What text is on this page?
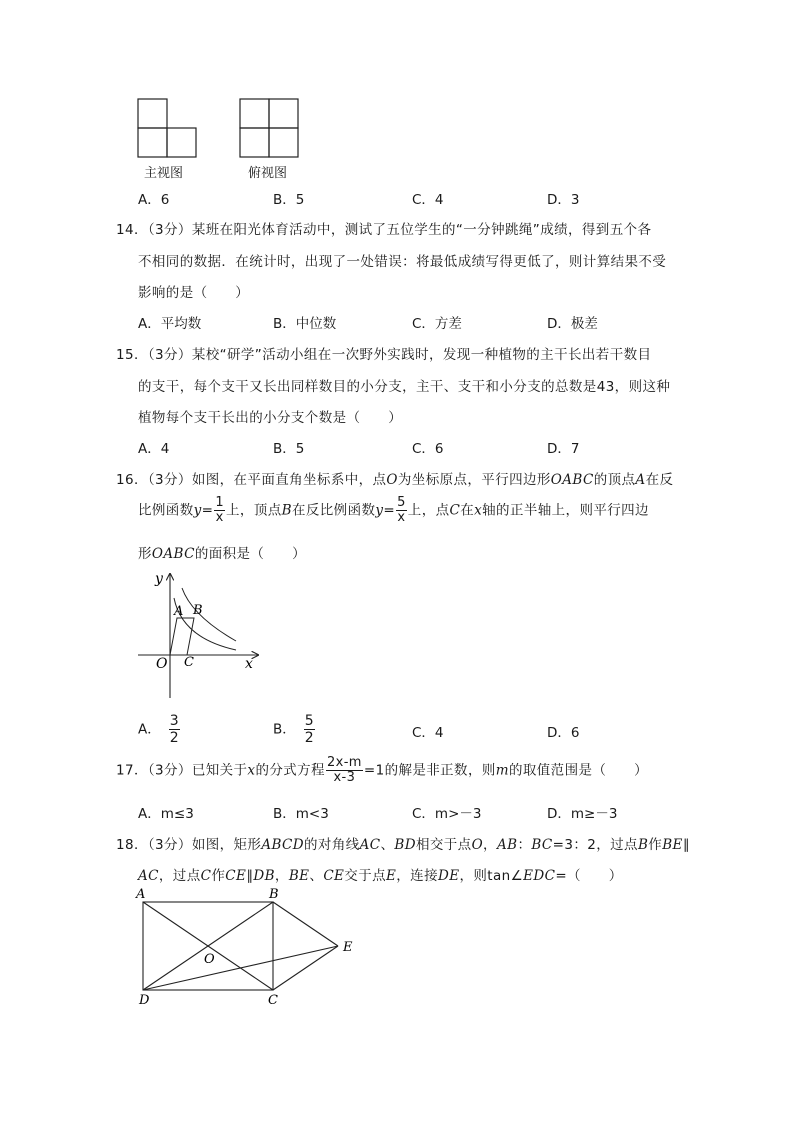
主视图	俯视图
A．6	B．5	C．4	D．3
14．（3分）某班在阳光体育活动中，测试了五位学生的“一分钟跳绳”成绩，得到五个各
不相同的数据．在统计时，出现了一处错误：将最低成绩写得更低了，则计算结果不受
影响的是（　　）
A．平均数	B．中位数	C．方差	D．极差
15．（3分）某校“研学”活动小组在一次野外实践时，发现一种植物的主干长出若干数目
的支干，每个支干又长出同样数目的小分支，主干、支干和小分支的总数是43，则这种
植物每个支干长出的小分支个数是（　　）
A．4	B．5	C．6	D．7
16．（3分）如图，在平面直角坐标系中，点O为坐标原点，平行四边形OABC的顶点A在反
比例函数$y= \frac{1}{x}$ 上，顶点B在反比例函数$y= \frac{5}{x}$ 上，点C在x轴的正半轴上，则平行四边
形OABC的面积是（　　）
y
A B
O C	x
A． $\frac{3}{2}$	B． $\frac{5}{2}$	C．4	D．6
17．（3分）已知关于x的分式方程 $\frac{2x-m}{x-3} =1$的解是非正数，则m的取值范围是（　　）
A．m≤3	B．m<3	C．m>－3	D．m≥－3
18．（3分）如图，矩形ABCD的对角线AC、BD相交于点O，AB：BC=3：2，过点B作BE∥
AC，过点C作CE∥DB，BE、CE交于点E，连接DE，则tan∠EDC=（　　）
A	B
O
E
D	C
